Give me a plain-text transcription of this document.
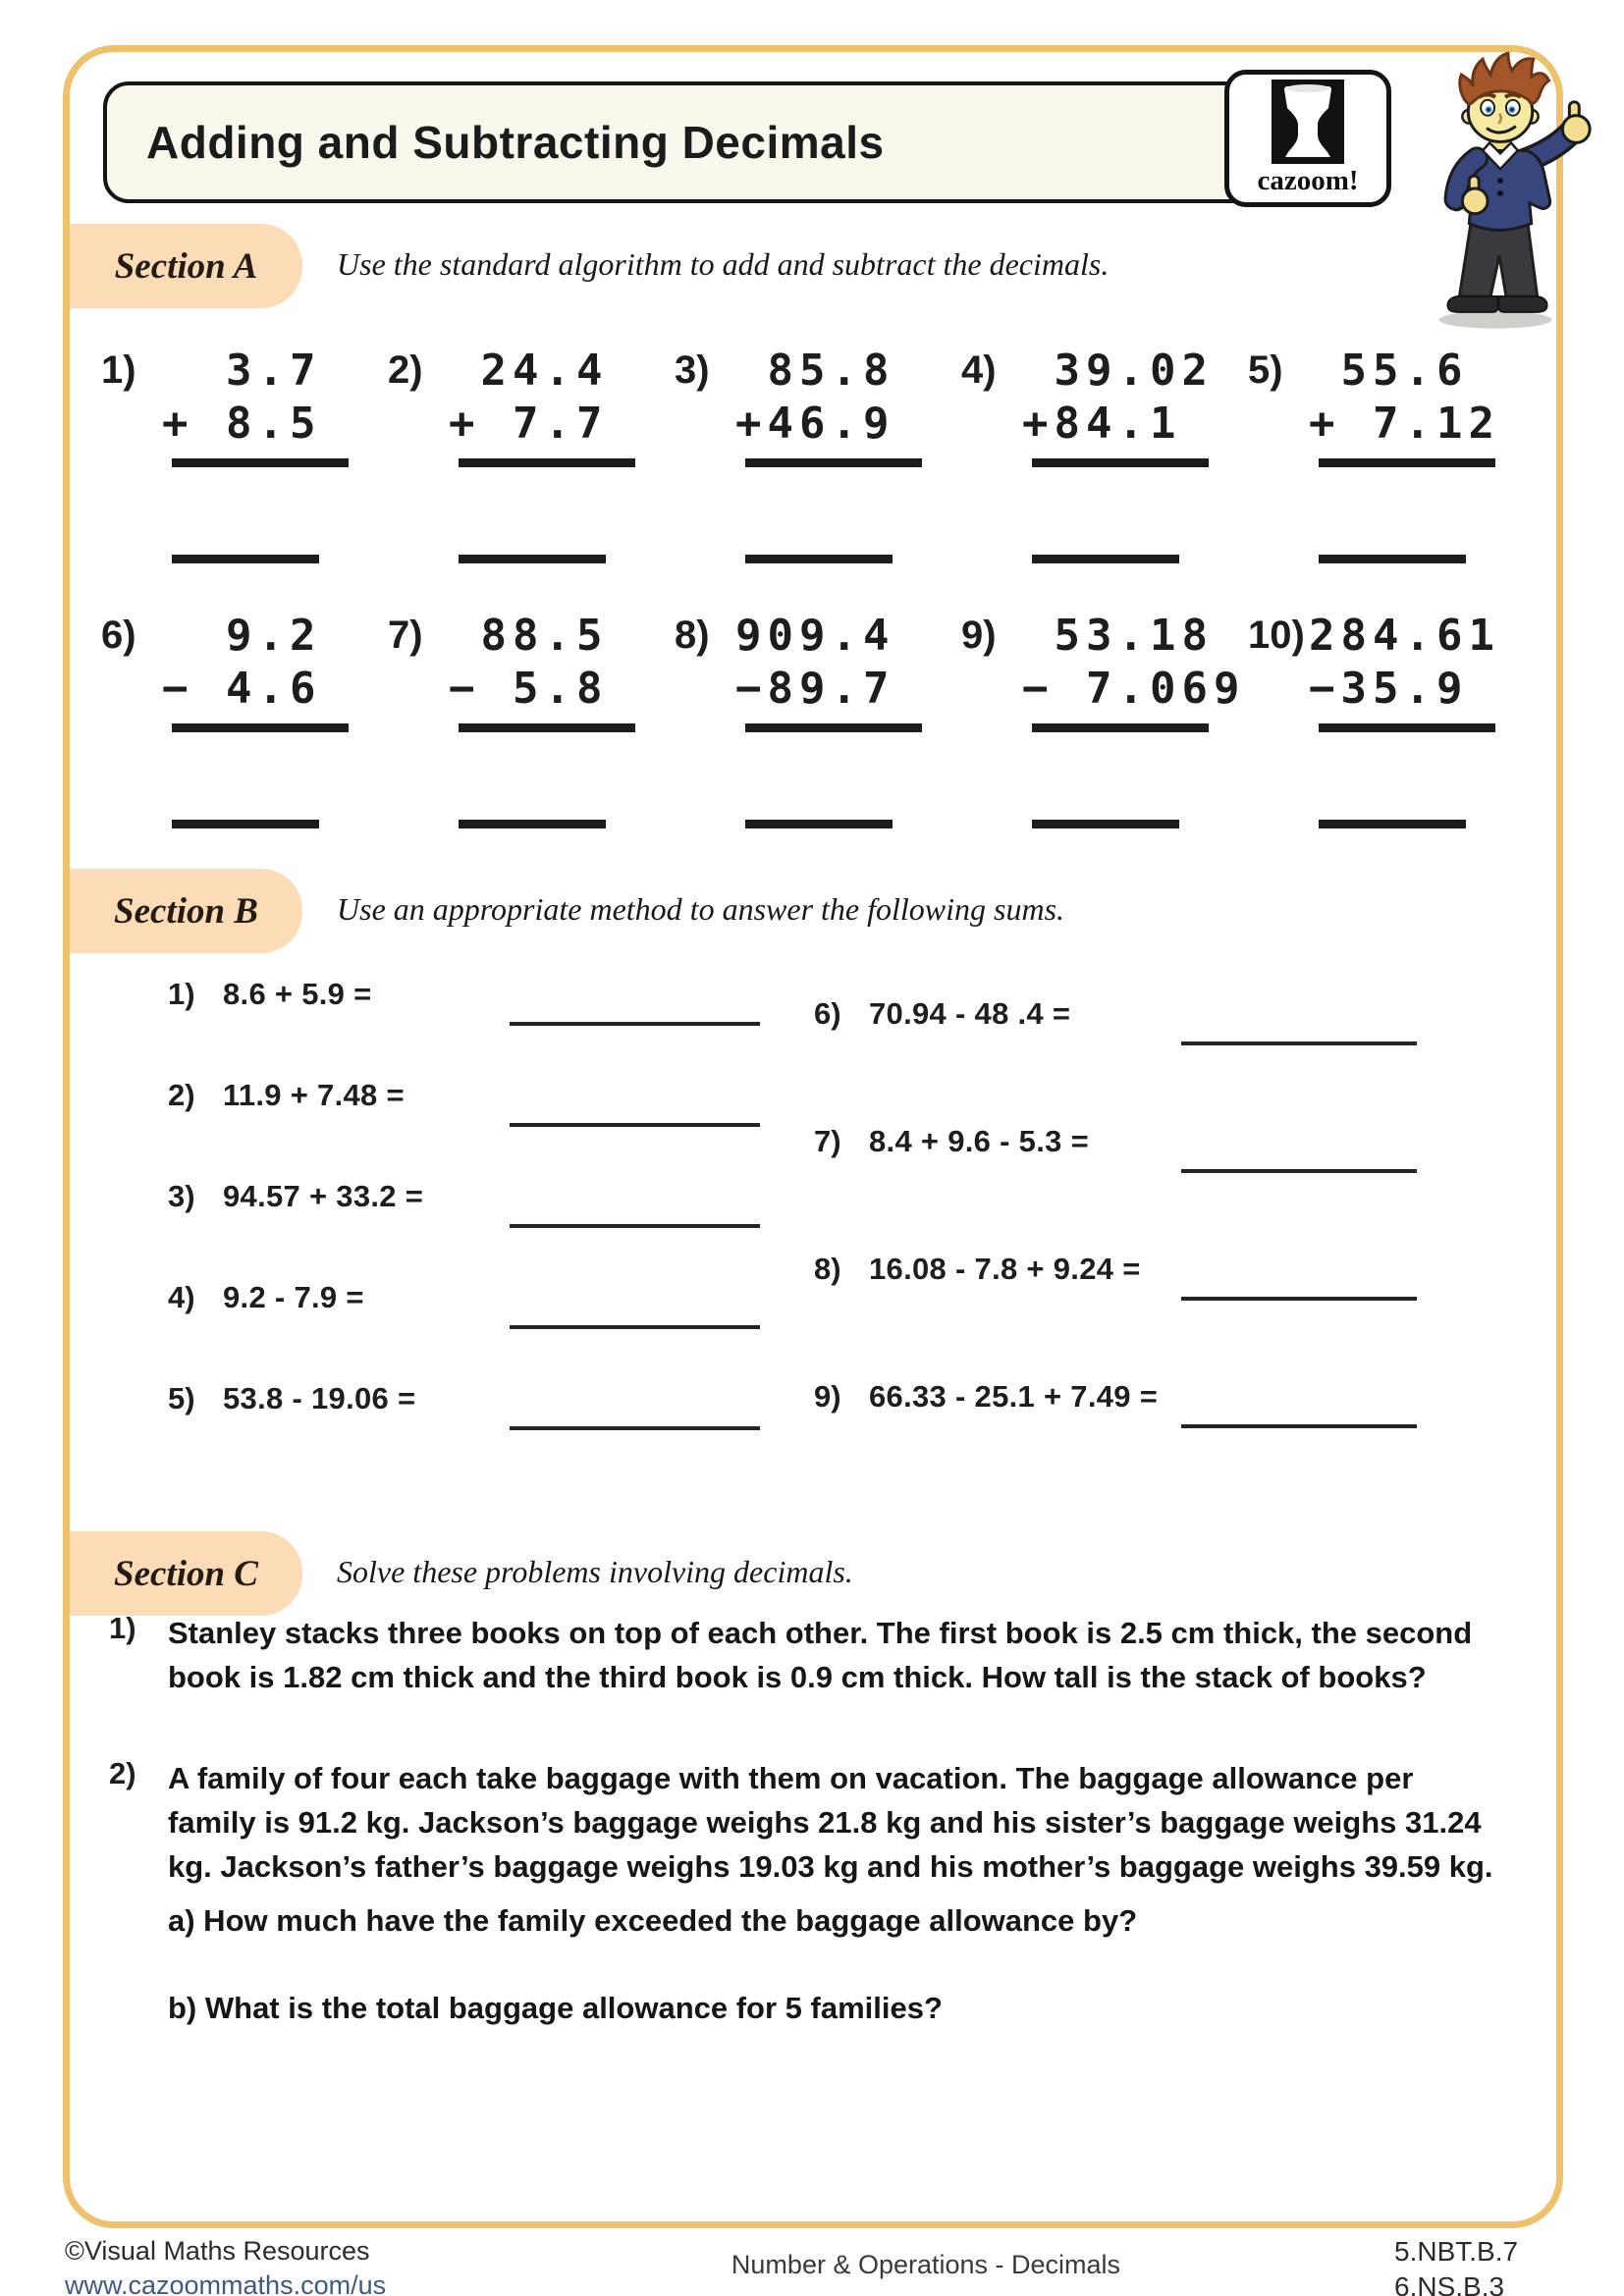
Adding and Subtracting Decimals
cazoom!
Section A	Use the standard algorithm to add and subtract the decimals.
1) 3.7
+ 8.5
2) 24.4
+ 7.7
3) 85.8
+46.9
4) 39.02
+84.1
5) 55.6
+ 7.12
6) 9.2
− 4.6
7) 88.5
− 5.8
8) 909.4
−89.7
9) 53.18
− 7.069
10) 284.61
−35.9
Section B	Use an appropriate method to answer the following sums.
1) 8.6 + 5.9 =
2) 11.9 + 7.48 =
3) 94.57 + 33.2 =
4) 9.2 - 7.9 =
5) 53.8 - 19.06 =
6) 70.94 - 48 .4 =
7) 8.4 + 9.6 - 5.3 =
8) 16.08 - 7.8 + 9.24 =
9) 66.33 - 25.1 + 7.49 =
Section C	Solve these problems involving decimals.
1)	Stanley stacks three books on top of each other. The first book is 2.5 cm thick, the second book is 1.82 cm thick and the third book is 0.9 cm thick. How tall is the stack of books?
2)	A family of four each take baggage with them on vacation. The baggage allowance per family is 91.2 kg. Jackson’s baggage weighs 21.8 kg and his sister’s baggage weighs 31.24 kg. Jackson’s father’s baggage weighs 19.03 kg and his mother’s baggage weighs 39.59 kg.
a) How much have the family exceeded the baggage allowance by?
b) What is the total baggage allowance for 5 families?
©Visual Maths Resources
www.cazoommaths.com/us
Number & Operations - Decimals	5.NBT.B.7
6.NS.B.3
